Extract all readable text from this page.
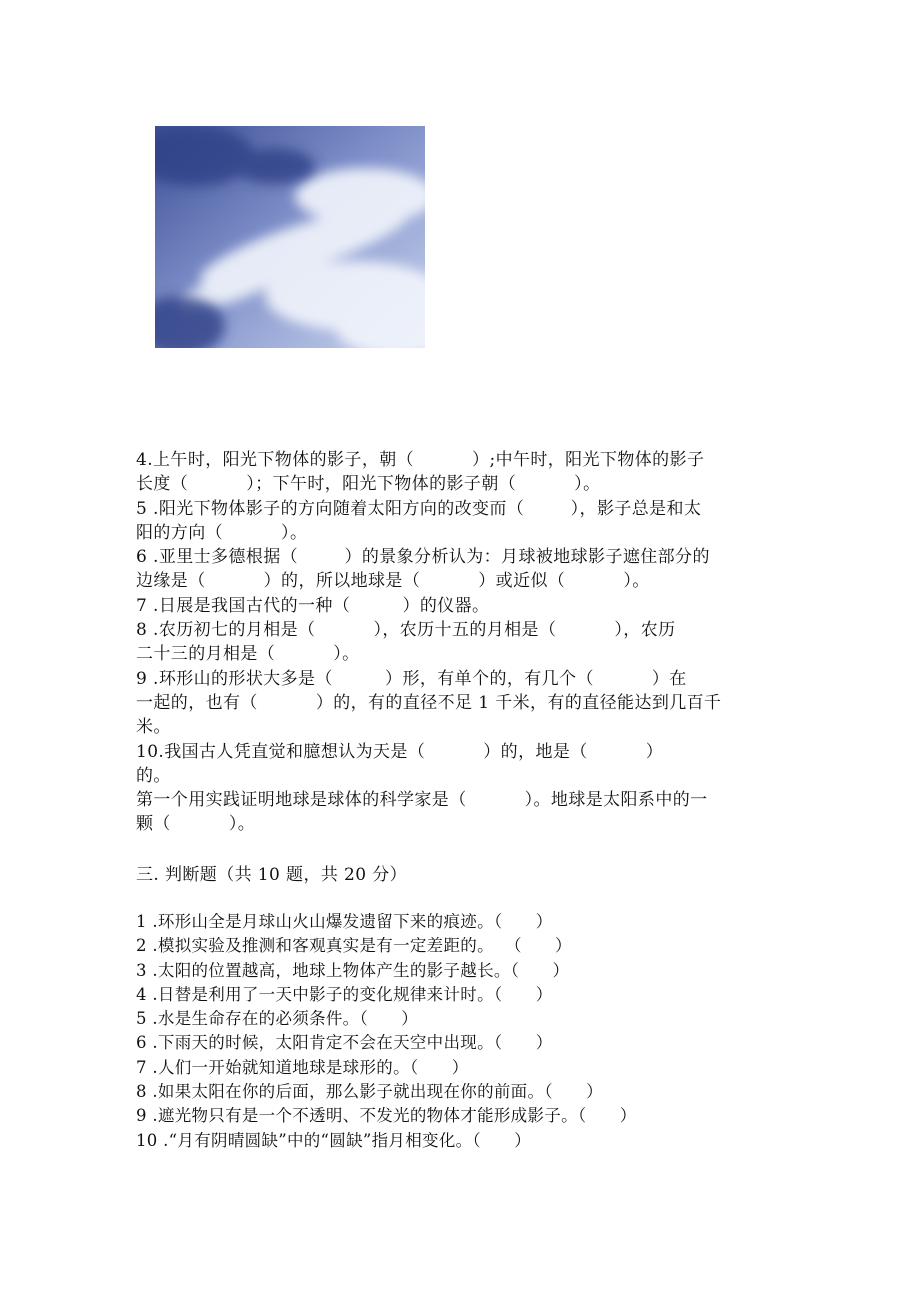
4.上午时，阳光下物体的影子，朝（          ）;中午时，阳光下物体的影子
长度（          ）；下午时，阳光下物体的影子朝（          ）。
5 .阳光下物体影子的方向随着太阳方向的改变而（        ），影子总是和太
阳的方向（          ）。
6 .亚里士多德根据（        ）的景象分析认为：月球被地球影子遮住部分的
边缘是（          ）的，所以地球是（          ）或近似（          ）。
7 .日展是我国古代的一种（         ）的仪器。
8 .农历初七的月相是（          ），农历十五的月相是（          ），农历
二十三的月相是（          ）。
9 .环形山的形状大多是（         ）形，有单个的，有几个（          ）在
一起的，也有（          ）的，有的直径不足 1 千米，有的直径能达到几百千
米。
10.我国古人凭直觉和臆想认为天是（          ）的，地是（          ）
的。
第一个用实践证明地球是球体的科学家是（          ）。地球是太阳系中的一
颗（          ）。
三. 判断题（共 10 题，共 20 分）
1 .环形山全是月球山火山爆发遗留下来的痕迹。（      ）
2 .模拟实验及推测和客观真实是有一定差距的。  （      ）
3 .太阳的位置越高，地球上物体产生的影子越长。（      ）
4 .日替是利用了一天中影子的变化规律来计时。（      ）
5 .水是生命存在的必须条件。（      ）
6 .下雨天的时候，太阳肯定不会在天空中出现。（      ）
7 .人们一开始就知道地球是球形的。（      ）
8 .如果太阳在你的后面，那么影子就出现在你的前面。（      ）
9 .遮光物只有是一个不透明、不发光的物体才能形成影子。（      ）
10 .“月有阴晴圆缺”中的“圆缺”指月相变化。（      ）
